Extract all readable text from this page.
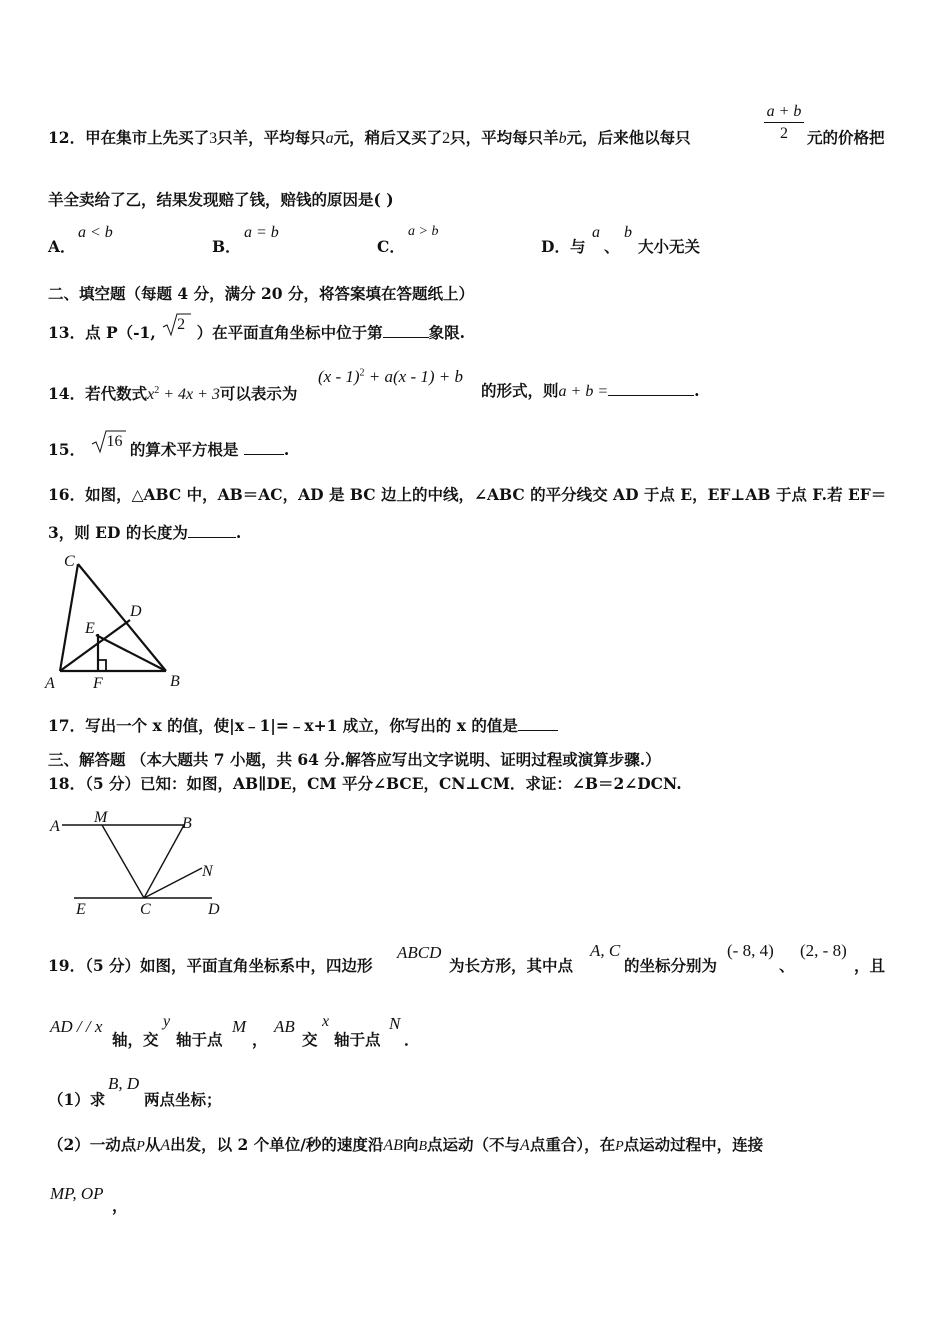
12．甲在集市上先买了3只羊，平均每只a元，稍后又买了2只，平均每只羊b元，后来他以每只
a + b
2	元的价格把
羊全卖给了乙，结果发现赔了钱，赔钱的原因是( )
A．
a < b
B．
a = b
C．
a > b
D．与
a
、
b
大小无关
二、填空题（每题 4 分，满分 20 分，将答案填在答题纸上）
13．点 P（-1, 2 ）在平面直角坐标中位于第	象限.
14．若代数式$x^2 + 4x + 3$可以表示为
(x - 1)$^2$ + a(x - 1) + b
的形式，则a + b =	.
15． 16 的算术平方根是	.
16．如图，△ABC 中，AB＝AC，AD 是 BC 边上的中线，∠ABC 的平分线交 AD 于点 E，EF⊥AB 于点 F.若 EF＝
3，则 ED 的长度为	.
C
D
E
A F	B
17．写出一个 x 的值，使|x﹣1|=﹣x+1 成立，你写出的 x 的值是
三、解答题 （本大题共 7 小题，共 64 分.解答应写出文字说明、证明过程或演算步骤.）
18．（5 分）已知：如图，AB∥DE，CM 平分∠BCE，CN⊥CM．求证：∠B＝2∠DCN.
A
M	B
N
E	C	D
19．（5 分）如图，平面直角坐标系中，四边形
ABCD
为长方形，其中点
A, C
的坐标分别为
(- 8, 4)
、
(2, - 8)
，且
AD / / x
轴，交
y
轴于点
M
，
AB
交
x
轴于点
N
．
（1）求
B, D
两点坐标；
（2）一动点P从A出发，以 2 个单位/秒的速度沿AB向B点运动（不与A点重合），在P点运动过程中，连接
MP, OP
，
